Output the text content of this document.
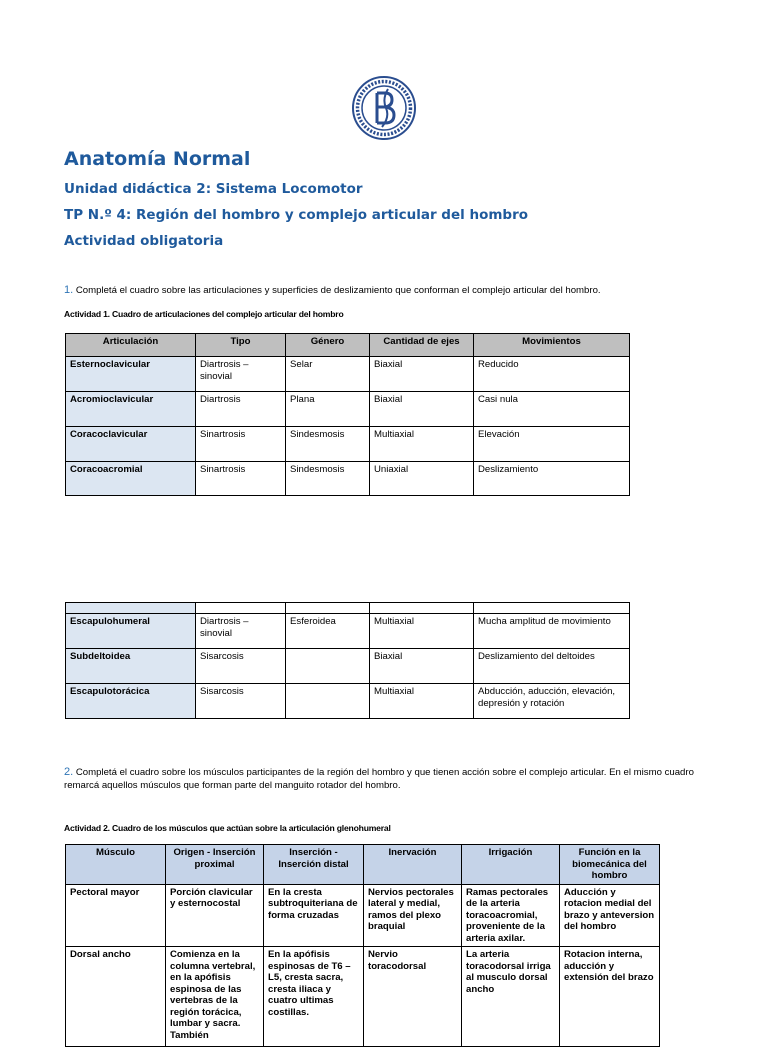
Anatomía Normal
Unidad didáctica 2: Sistema Locomotor
TP N.º 4: Región del hombro y complejo articular del hombro
Actividad obligatoria

1. Completá el cuadro sobre las articulaciones y superficies de deslizamiento que conforman el complejo articular del hombro.

Actividad 1. Cuadro de articulaciones del complejo articular del hombro

Articulación	Tipo	Género	Cantidad de ejes	Movimientos
Esternoclavicular	Diartrosis – sinovial	Selar	Biaxial	Reducido
Acromioclavicular	Diartrosis	Plana	Biaxial	Casi nula
Coracoclavicular	Sinartrosis	Sindesmosis	Multiaxial	Elevación
Coracoacromial	Sinartrosis	Sindesmosis	Uniaxial	Deslizamiento

Escapulohumeral	Diartrosis – sinovial	Esferoidea	Multiaxial	Mucha amplitud de movimiento
Subdeltoidea	Sisarcosis		Biaxial	Deslizamiento del deltoides
Escapulotorácica	Sisarcosis		Multiaxial	Abducción, aducción, elevación, depresión y rotación

2. Completá el cuadro sobre los músculos participantes de la región del hombro y que tienen acción sobre el complejo articular. En el mismo cuadro remarcá aquellos músculos que forman parte del manguito rotador del hombro.

Actividad 2. Cuadro de los músculos que actúan sobre la articulación glenohumeral

Músculo	Origen - Inserción proximal	Inserción - Inserción distal	Inervación	Irrigación	Función en la biomecánica del hombro
Pectoral mayor	Porción clavicular y esternocostal	En la cresta subtroquiteriana de forma cruzadas	Nervios pectorales lateral y medial, ramos del plexo braquial	Ramas pectorales de la arteria toracoacromial, proveniente de la arteria axilar.	Aducción y rotacion medial del brazo y anteversion del hombro
Dorsal ancho	Comienza en la columna vertebral, en la apófisis espinosa de las vertebras de la región torácica, lumbar y sacra. También	En la apófisis espinosas de T6 – L5, cresta sacra, cresta iliaca y cuatro ultimas costillas.	Nervio toracodorsal	La arteria toracodorsal irriga al musculo dorsal ancho	Rotacion interna, aducción y extensión del brazo
